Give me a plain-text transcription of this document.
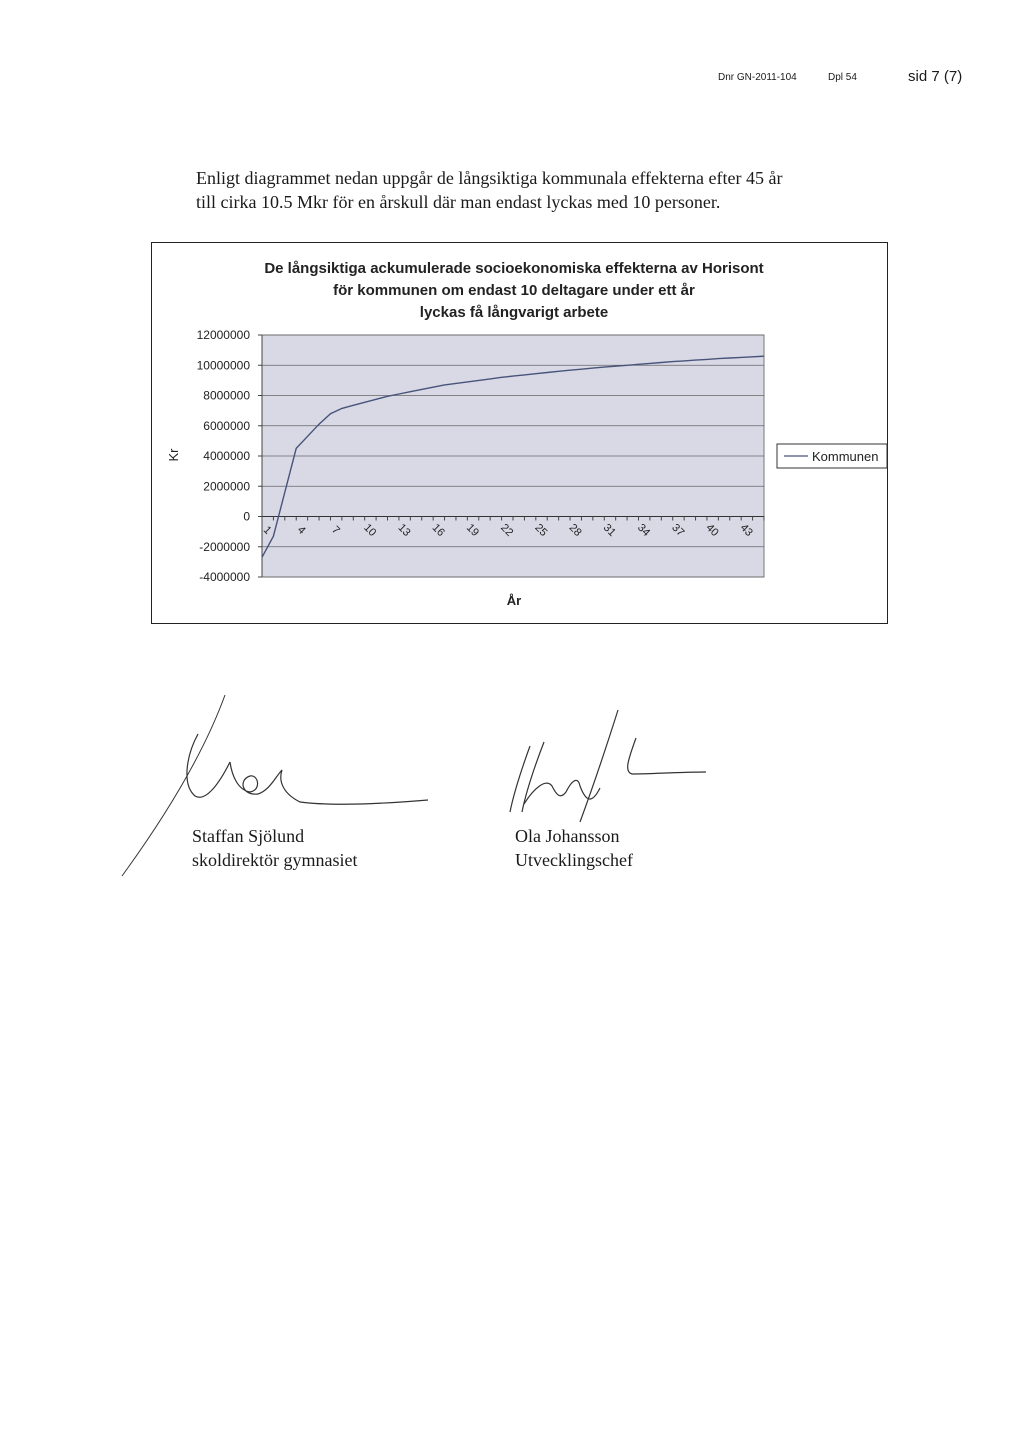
Dnr GN-2011-104	Dpl 54	sid 7 (7)

Enligt diagrammet nedan uppgår de långsiktiga kommunala effekterna efter 45 år

till cirka 10.5 Mkr för en årskull där man endast lyckas med 10 personer.

De långsiktiga ackumulerade socioekonomiska effekterna av Horisont
för kommunen om endast 10 deltagare under ett år
lyckas få långvarigt arbete
12000000
10000000
8000000
6000000
4000000
2000000
0
-2000000
-4000000
1 4 7 10 13 16 19 22 25 28 31 34 37 40 43
Kr
År
Kommunen
Staffan Sjölund
skoldirektör gymnasiet
Ola Johansson
Utvecklingschef
